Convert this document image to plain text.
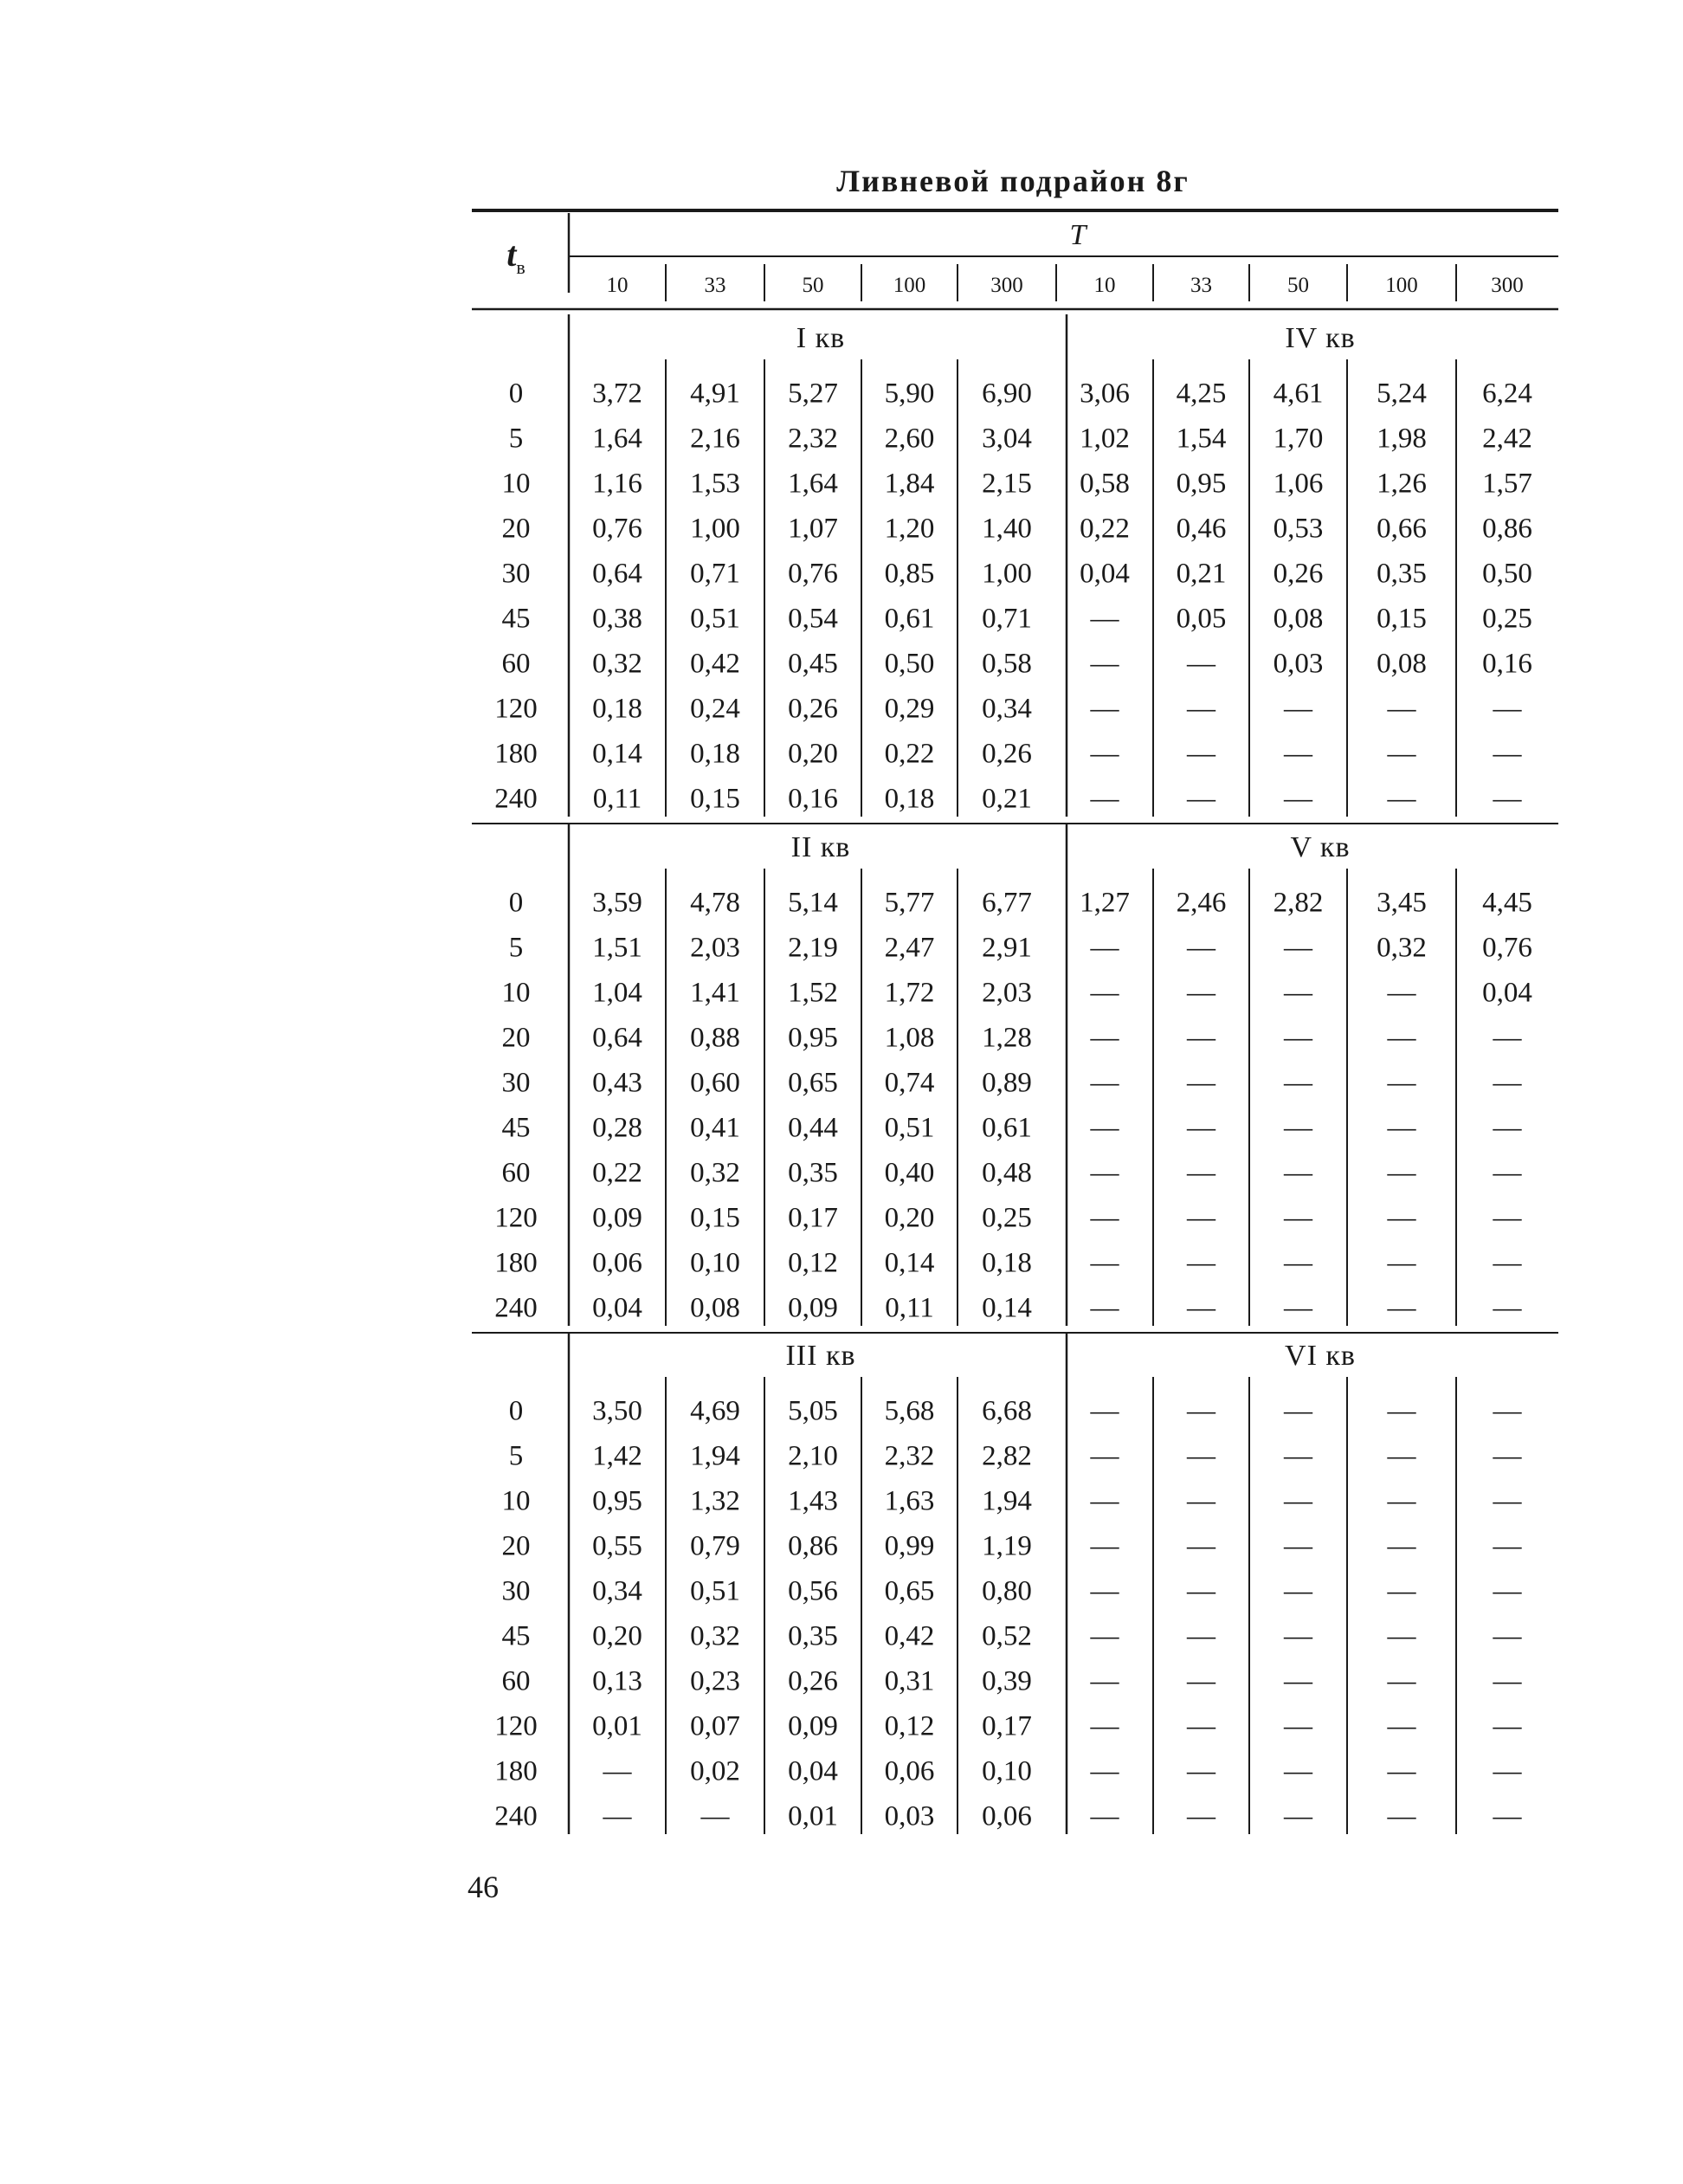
Ливневой подрайон 8г
$t_в$
T
10	33	50	100	300	10	33	50	100	300
I кв	IV кв
0 3,72 4,91 5,27 5,90 6,90 3,06 4,25 4,61 5,24 6,24
5 1,64 2,16 2,32 2,60 3,04 1,02 1,54 1,70 1,98 2,42
10 1,16 1,53 1,64 1,84 2,15 0,58 0,95 1,06 1,26 1,57
20 0,76 1,00 1,07 1,20 1,40 0,22 0,46 0,53 0,66 0,86
30 0,64 0,71 0,76 0,85 1,00 0,04 0,21 0,26 0,35 0,50
45 0,38 0,51 0,54 0,61 0,71 — 0,05 0,08 0,15 0,25
60 0,32 0,42 0,45 0,50 0,58 — — 0,03 0,08 0,16
120 0,18 0,24 0,26 0,29 0,34 — — —	—	—
180 0,14 0,18 0,20 0,22 0,26 — — —	—	—
240 0,11 0,15 0,16 0,18 0,21 — — —	—	—
II кв	V кв
0 3,59 4,78 5,14 5,77 6,77 1,27 2,46 2,82 3,45 4,45
5 1,51 2,03 2,19 2,47 2,91 — — — 0,32 0,76
10 1,04 1,41 1,52 1,72 2,03 — — —	— 0,04
20 0,64 0,88 0,95 1,08 1,28 — — —	—	—
30 0,43 0,60 0,65 0,74 0,89 — — —	—	—
45 0,28 0,41 0,44 0,51 0,61 — — —	—	—
60 0,22 0,32 0,35 0,40 0,48 — — —	—	—
120 0,09 0,15 0,17 0,20 0,25 — — —	—	—
180 0,06 0,10 0,12 0,14 0,18 — — —	—	—
240 0,04 0,08 0,09 0,11 0,14 — — —	—	—
III кв	VI кв
0 3,50 4,69 5,05 5,68 6,68 — — —	—	—
5 1,42 1,94 2,10 2,32 2,82 — — —	—	—
10 0,95 1,32 1,43 1,63 1,94 — — —	—	—
20 0,55 0,79 0,86 0,99 1,19 — — —	—	—
30 0,34 0,51 0,56 0,65 0,80 — — —	—	—
45 0,20 0,32 0,35 0,42 0,52 — — —	—	—
60 0,13 0,23 0,26 0,31 0,39 — — —	—	—
120 0,01 0,07 0,09 0,12 0,17 — — —	—	—
180 — 0,02 0,04 0,06 0,10 — — —	—	—
240 — — 0,01 0,03 0,06 — — —	—	—
46
